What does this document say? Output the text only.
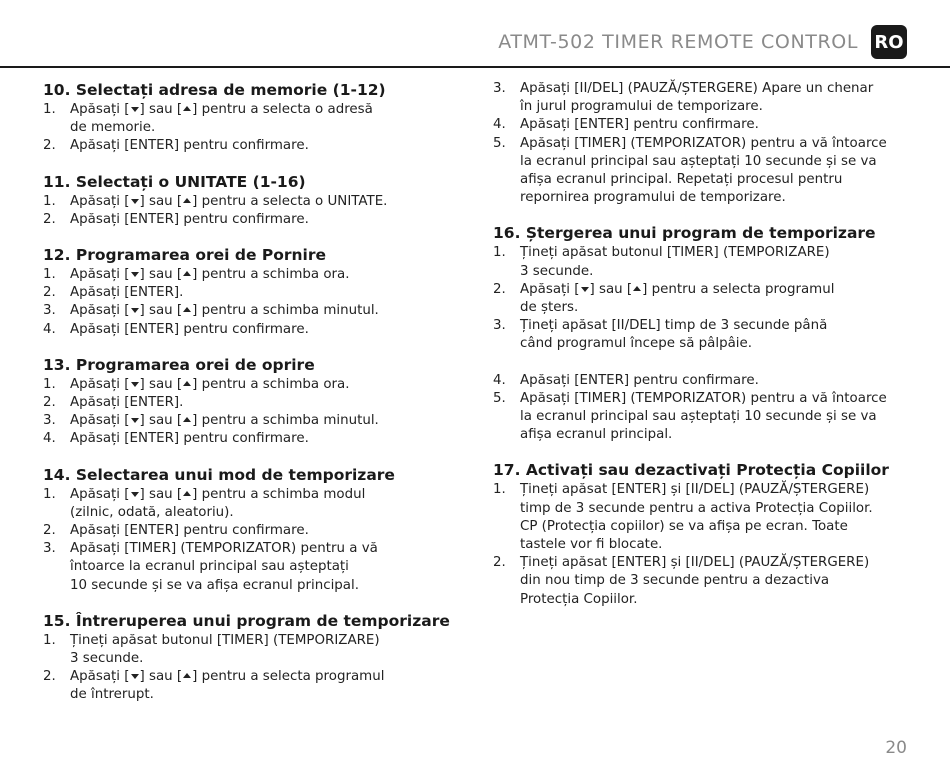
ATMT-502 TIMER REMOTE CONTROL RO
10. Selectați adresa de memorie (1-12)
1.	Apăsați [ ] sau [ ] pentru a selecta o adresă
de memorie.
2.	Apăsați [ENTER] pentru confirmare.
11. Selectați o UNITATE (1-16)
1.	Apăsați [ ] sau [ ] pentru a selecta o UNITATE.
2.	Apăsați [ENTER] pentru confirmare.
12. Programarea orei de Pornire
1.	Apăsați [ ] sau [ ] pentru a schimba ora.
2.	Apăsați [ENTER].
3.	Apăsați [ ] sau [ ] pentru a schimba minutul.
4.	Apăsați [ENTER] pentru confirmare.
13. Programarea orei de oprire
1.	Apăsați [ ] sau [ ] pentru a schimba ora.
2.	Apăsați [ENTER].
3.	Apăsați [ ] sau [ ] pentru a schimba minutul.
4.	Apăsați [ENTER] pentru confirmare.
14. Selectarea unui mod de temporizare
1.	Apăsați [ ] sau [ ] pentru a schimba modul
(zilnic, odată, aleatoriu).
2.	Apăsați [ENTER] pentru confirmare.
3.	Apăsați [TIMER] (TEMPORIZATOR) pentru a vă
întoarce la ecranul principal sau așteptați
10 secunde și se va afișa ecranul principal.
15. Întreruperea unui program de temporizare
1.	Țineți apăsat butonul [TIMER] (TEMPORIZARE)
3 secunde.
2.	Apăsați [ ] sau [ ] pentru a selecta programul
de întrerupt.
3.	Apăsați [II/DEL] (PAUZĂ/ȘTERGERE) Apare un chenar
în jurul programului de temporizare.
4.	Apăsați [ENTER] pentru confirmare.
5.	Apăsați [TIMER] (TEMPORIZATOR) pentru a vă întoarce
la ecranul principal sau așteptați 10 secunde și se va
afișa ecranul principal. Repetați procesul pentru
repornirea programului de temporizare.
16. Ștergerea unui program de temporizare
1.	Țineți apăsat butonul [TIMER] (TEMPORIZARE)
3 secunde.
2.	Apăsați [ ] sau [ ] pentru a selecta programul
de șters.
3.	Țineți apăsat [II/DEL] timp de 3 secunde până
când programul începe să pâlpâie.
4.	Apăsați [ENTER] pentru confirmare.
5.	Apăsați [TIMER] (TEMPORIZATOR) pentru a vă întoarce
la ecranul principal sau așteptați 10 secunde și se va
afișa ecranul principal.
17. Activați sau dezactivați Protecția Copiilor
1.	Țineți apăsat [ENTER] și [II/DEL] (PAUZĂ/ȘTERGERE)
timp de 3 secunde pentru a activa Protecția Copiilor.
CP (Protecția copiilor) se va afișa pe ecran. Toate
tastele vor fi blocate.
2.	Țineți apăsat [ENTER] și [II/DEL] (PAUZĂ/ȘTERGERE)
din nou timp de 3 secunde pentru a dezactiva
Protecția Copiilor.
20
